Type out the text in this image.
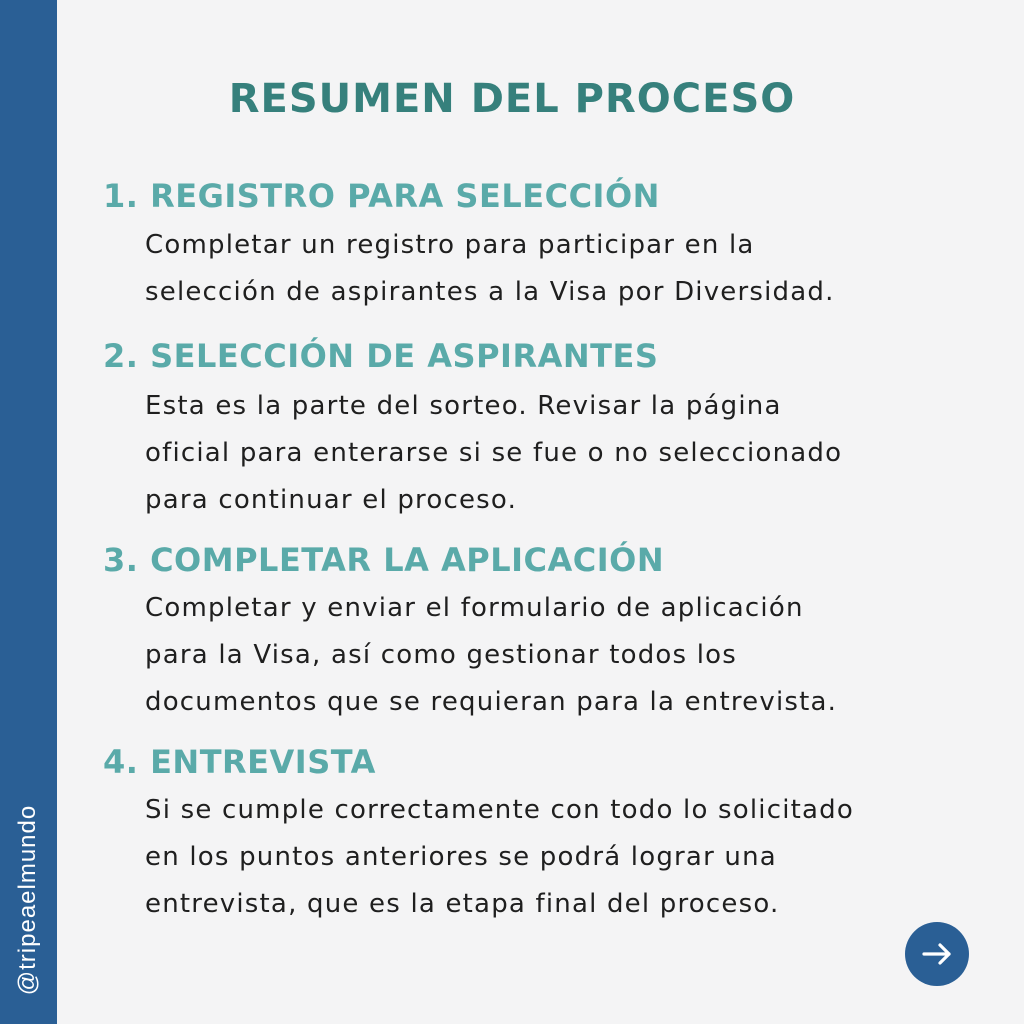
@tripeaelmundo
RESUMEN DEL PROCESO
1. REGISTRO PARA SELECCIÓN
Completar un registro para participar en la
selección de aspirantes a la Visa por Diversidad.
2. SELECCIÓN DE ASPIRANTES
Esta es la parte del sorteo. Revisar la página
oficial para enterarse si se fue o no seleccionado
para continuar el proceso.
3. COMPLETAR LA APLICACIÓN
Completar y enviar el formulario de aplicación
para la Visa, así como gestionar todos los
documentos que se requieran para la entrevista.
4. ENTREVISTA
Si se cumple correctamente con todo lo solicitado
en los puntos anteriores se podrá lograr una
entrevista, que es la etapa final del proceso.
